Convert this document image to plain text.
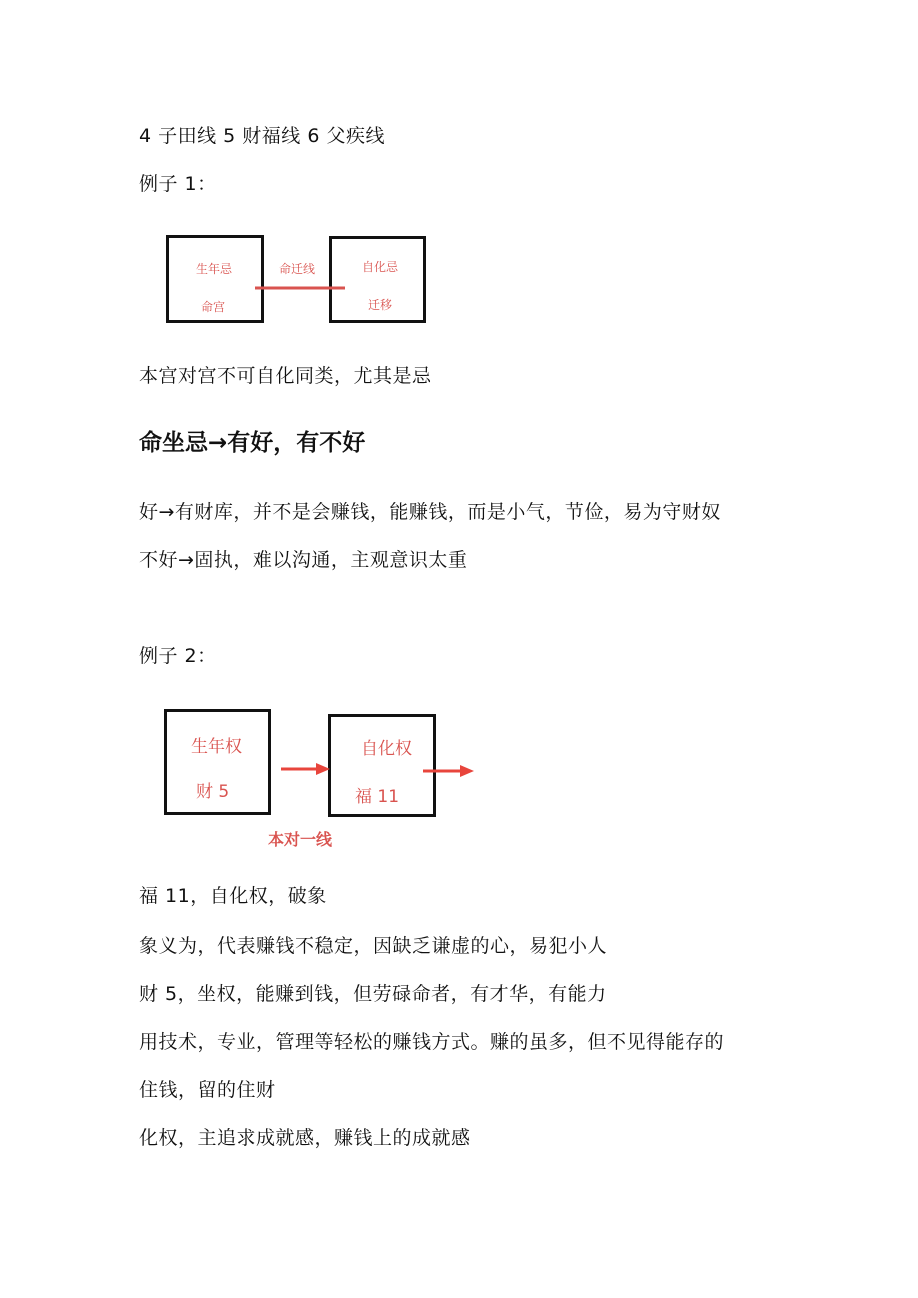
4 子田线 5 财福线 6 父疾线
例子 1：
生年忌
命宫
命迁线	自化忌
迁移
本宫对宫不可自化同类，尤其是忌
命坐忌→有好，有不好
好→有财库，并不是会赚钱，能赚钱，而是小气，节俭，易为守财奴
不好→固执，难以沟通，主观意识太重
例子 2：
生年权
财 5
自化权
福 11
本对一线
福 11，自化权，破象
象义为，代表赚钱不稳定，因缺乏谦虚的心，易犯小人
财 5，坐权，能赚到钱，但劳碌命者，有才华，有能力
用技术，专业，管理等轻松的赚钱方式。赚的虽多，但不见得能存的
住钱，留的住财
化权，主追求成就感，赚钱上的成就感
